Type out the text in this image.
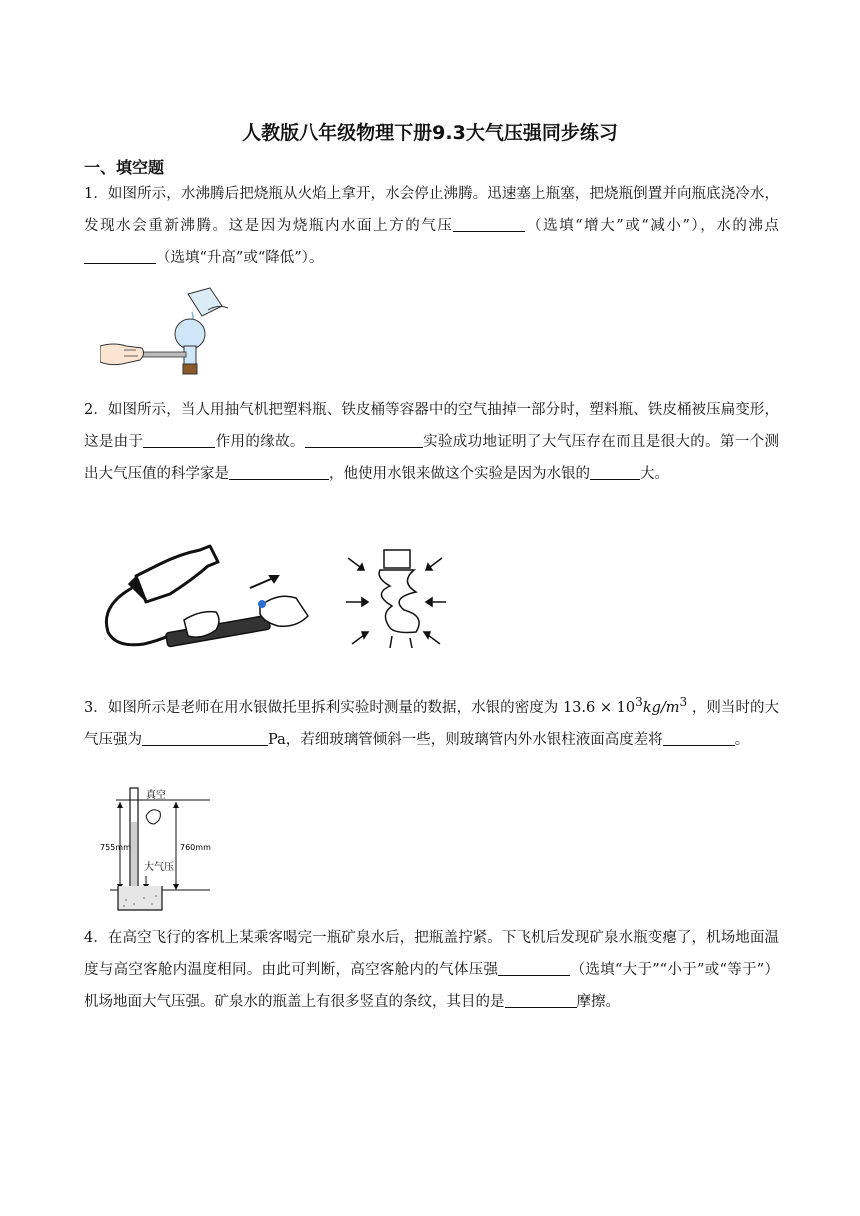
人教版八年级物理下册9.3大气压强同步练习
一、填空题
1．如图所示，水沸腾后把烧瓶从火焰上拿开，水会停止沸腾。迅速塞上瓶塞，把烧瓶倒置并向瓶底浇冷水，发现水会重新沸腾。这是因为烧瓶内水面上方的气压	（选填“增大”或“减小”），水的沸点（选填“升高”或“降低”）。
2．如图所示，当人用抽气机把塑料瓶、铁皮桶等容器中的空气抽掉一部分时，塑料瓶、铁皮桶被压扁变形，这是由于	作用的缘故。	实验成功地证明了大气压存在而且是很大的。第一个测出大气压值的科学家是	，他使用水银来做这个实验是因为水银的	大。
3．如图所示是老师在用水银做托里拆利实验时测量的数据，水银的密度为 $13.6 \times 10^3kg/m^3$ ，则当时的大气压强为	Pa，若细玻璃管倾斜一些，则玻璃管内外水银柱液面高度差将	。
真空
大气压
755mm	760mm
4．在高空飞行的客机上某乘客喝完一瓶矿泉水后，把瓶盖拧紧。下飞机后发现矿泉水瓶变瘪了，机场地面温度与高空客舱内温度相同。由此可判断，高空客舱内的气体压强	（选填“大于”“小于”或“等于”）机场地面大气压强。矿泉水的瓶盖上有很多竖直的条纹，其目的是	摩擦。
